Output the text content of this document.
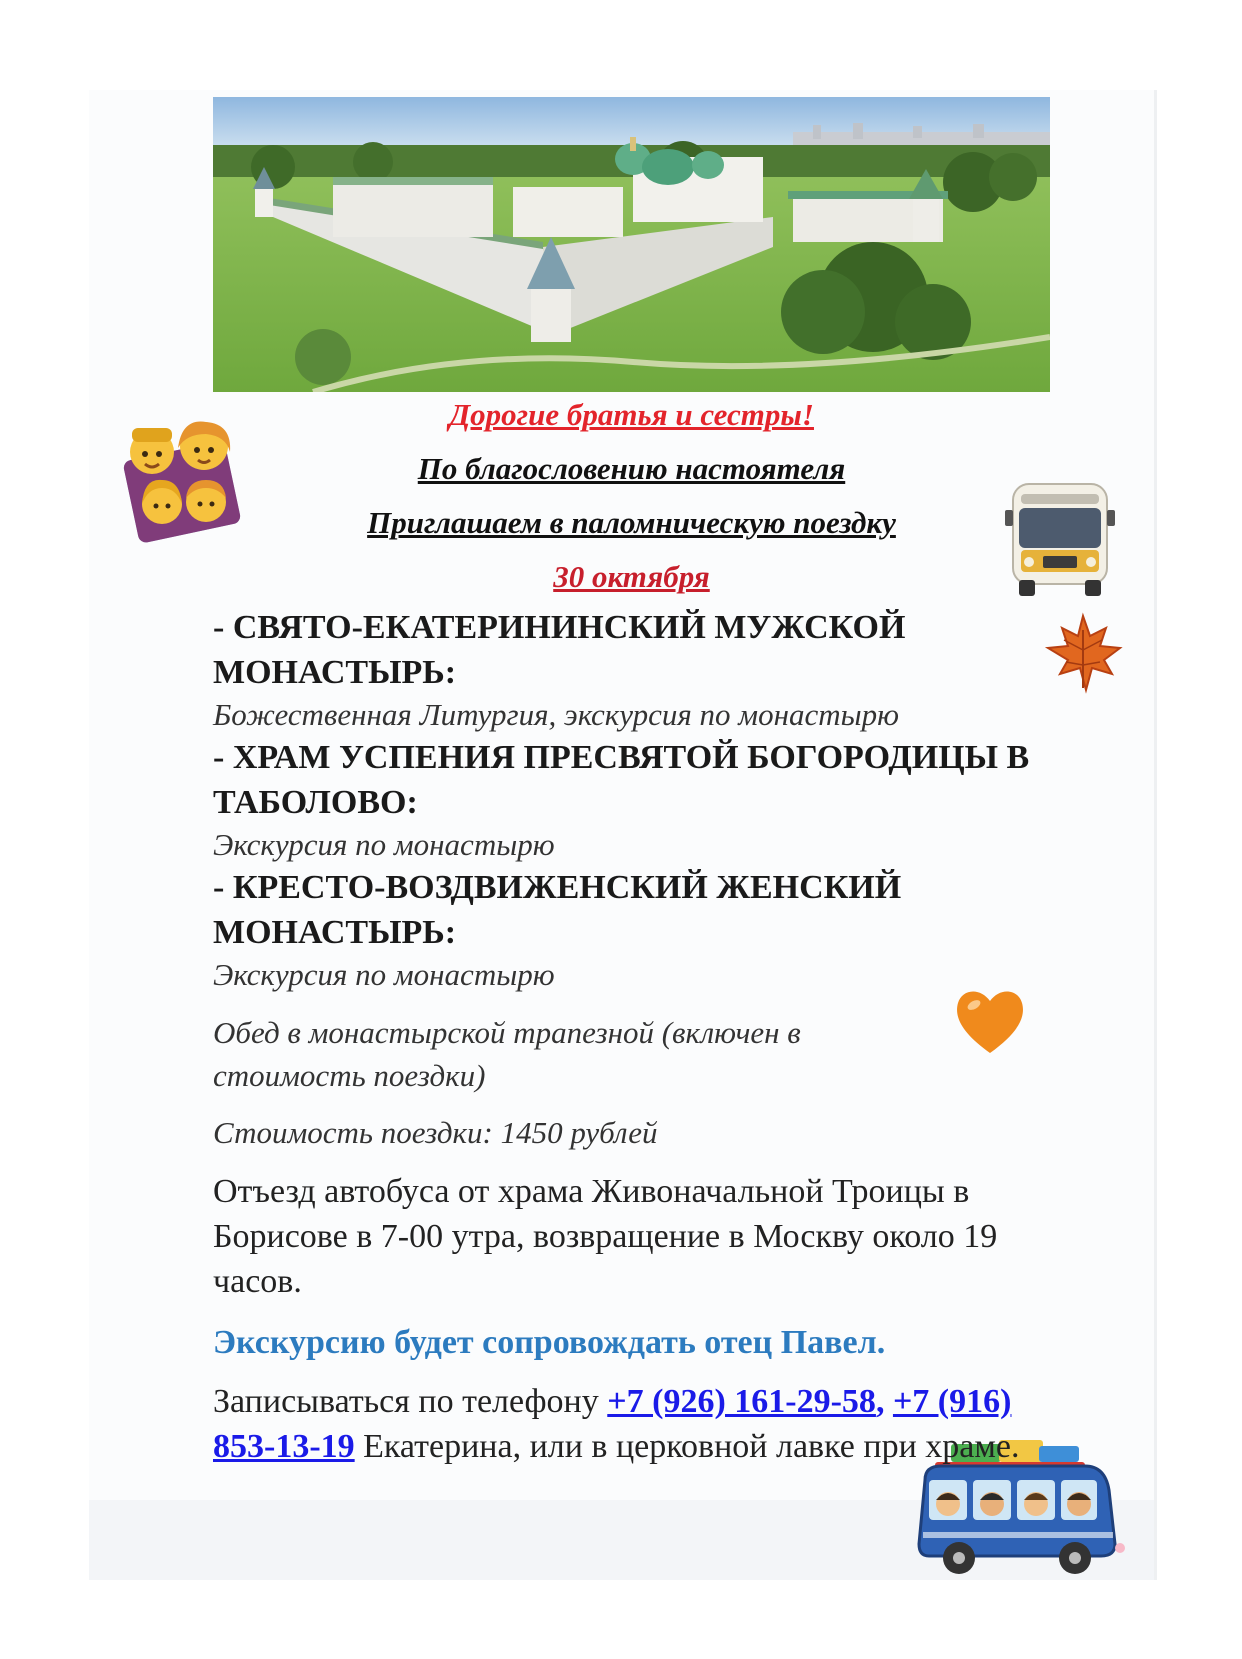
Дорогие братья и сестры!
По благословению настоятеля
Приглашаем в паломническую поездку
30 октября

- СВЯТО-ЕКАТЕРИНИНСКИЙ МУЖСКОЙ МОНАСТЫРЬ:

Божественная Литургия, экскурсия по монастырю

- ХРАМ УСПЕНИЯ ПРЕСВЯТОЙ БОГОРОДИЦЫ В ТАБОЛОВО:

Экскурсия по монастырю

- КРЕСТО-ВОЗДВИЖЕНСКИЙ ЖЕНСКИЙ МОНАСТЫРЬ:

Экскурсия по монастырю

Обед в монастырской трапезной (включен в стоимость поездки)

Стоимость поездки: 1450 рублей

Отъезд автобуса от храма Живоначальной Троицы в Борисове в 7-00 утра, возвращение в Москву около 19 часов.

Экскурсию будет сопровождать отец Павел.

Записываться по телефону +7 (926) 161-29-58, +7 (916) 853-13-19 Екатерина, или в церковной лавке при храме.
